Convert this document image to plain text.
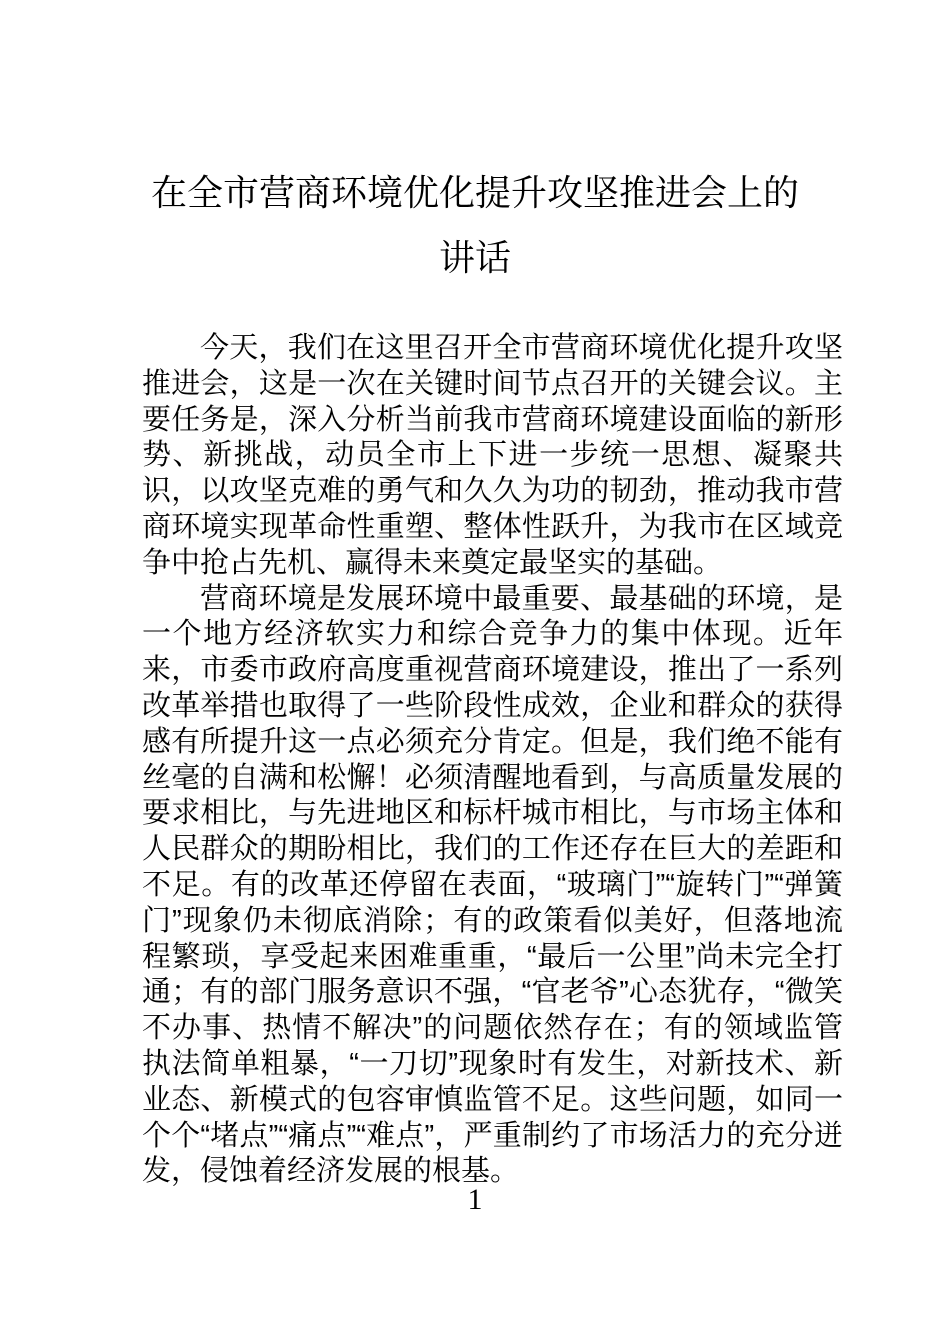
在全市营商环境优化提升攻坚推进会上的讲话

今天，我们在这里召开全市营商环境优化提升攻坚推进会，这是一次在关键时间节点召开的关键会议。主要任务是，深入分析当前我市营商环境建设面临的新形势、新挑战，动员全市上下进一步统一思想、凝聚共识，以攻坚克难的勇气和久久为功的韧劲，推动我市营商环境实现革命性重塑、整体性跃升，为我市在区域竞争中抢占先机、赢得未来奠定最坚实的基础。

营商环境是发展环境中最重要、最基础的环境，是一个地方经济软实力和综合竞争力的集中体现。近年来，市委市政府高度重视营商环境建设，推出了一系列改革举措也取得了一些阶段性成效，企业和群众的获得感有所提升这一点必须充分肯定。但是，我们绝不能有丝毫的自满和松懈！必须清醒地看到，与高质量发展的要求相比，与先进地区和标杆城市相比，与市场主体和人民群众的期盼相比，我们的工作还存在巨大的差距和不足。有的改革还停留在表面，“玻璃门”“旋转门”“弹簧门”现象仍未彻底消除；有的政策看似美好，但落地流程繁琐，享受起来困难重重，“最后一公里”尚未完全打通；有的部门服务意识不强，“官老爷”心态犹存，“微笑不办事、热情不解决”的问题依然存在；有的领域监管执法简单粗暴，“一刀切”现象时有发生，对新技术、新业态、新模式的包容审慎监管不足。这些问题，如同一个个“堵点”“痛点”“难点”，严重制约了市场活力的充分迸发，侵蚀着经济发展的根基。

1
